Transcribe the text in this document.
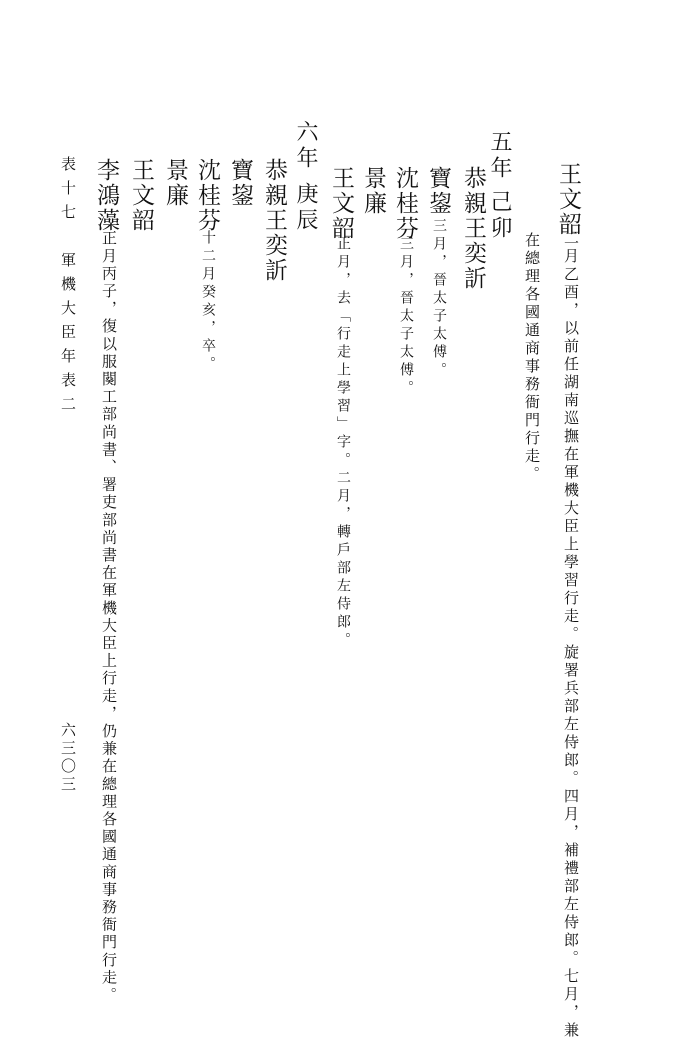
王文韶
二月乙酉，以前任湖南巡撫在軍機大臣上學習行走。旋署兵部左侍郎。四月，補禮部左侍郎。七月，兼
在總理各國通商事務衙門行走。
五年
己卯
恭親王奕訢
寶鋆
三月，晉太子太傅。
沈桂芬
三月，晉太子太傅。
景廉
王文韶
正月，去「行走上學習」字。二月，轉戶部左侍郎。
六年
庚辰
恭親王奕訢
寶鋆
沈桂芬
十二月癸亥，卒。
景廉
王文韶
李鴻藻
正月丙子，復以服闋工部尚書、署吏部尚書在軍機大臣上行走，仍兼在總理各國通商事務衙門行走。
表十七　軍機大臣年表二
六三〇三
